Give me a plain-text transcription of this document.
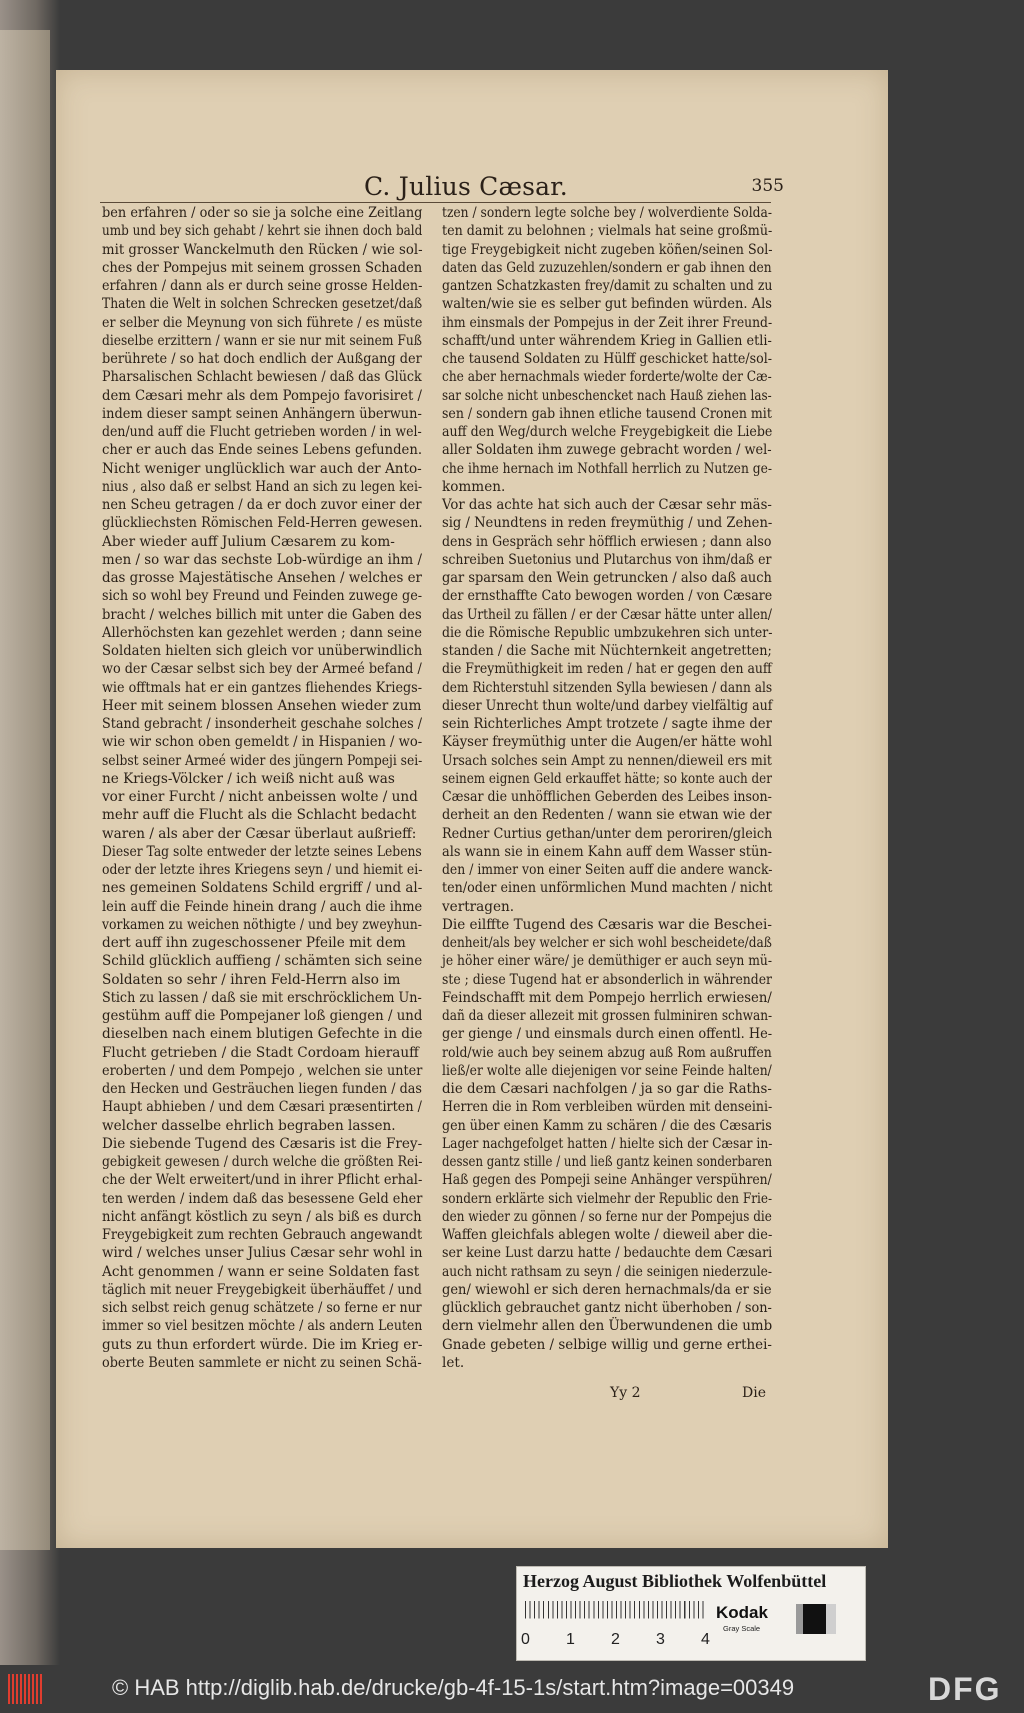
C. Julius Cæsar.	355
ben erfahren / oder so sie ja solche eine Zeitlang
umb und bey sich gehabt / kehrt sie ihnen doch bald
mit grosser Wanckelmuth den Rücken / wie sol-
ches der Pompejus mit seinem grossen Schaden
erfahren / dann als er durch seine grosse Helden-
Thaten die Welt in solchen Schrecken gesetzet/daß
er selber die Meynung von sich führete / es müste
dieselbe erzittern / wann er sie nur mit seinem Fuß
berührete / so hat doch endlich der Außgang der
Pharsalischen Schlacht bewiesen / daß das Glück
dem Cæsari mehr als dem Pompejo favorisiret /
indem dieser sampt seinen Anhängern überwun-
den/und auff die Flucht getrieben worden / in wel-
cher er auch das Ende seines Lebens gefunden.
Nicht weniger unglücklich war auch der Anto-
nius , also daß er selbst Hand an sich zu legen kei-
nen Scheu getragen / da er doch zuvor einer der
glückliechsten Römischen Feld-Herren gewesen.
Aber wieder auff Julium Cæsarem zu kom-
men / so war das sechste Lob-würdige an ihm /
das grosse Majestätische Ansehen / welches er
sich so wohl bey Freund und Feinden zuwege ge-
bracht / welches billich mit unter die Gaben des
Allerhöchsten kan gezehlet werden ; dann seine
Soldaten hielten sich gleich vor unüberwindlich
wo der Cæsar selbst sich bey der Armeé befand /
wie offtmals hat er ein gantzes fliehendes Kriegs-
Heer mit seinem blossen Ansehen wieder zum
Stand gebracht / insonderheit geschahe solches /
wie wir schon oben gemeldt / in Hispanien / wo-
selbst seiner Armeé wider des jüngern Pompeji sei-
ne Kriegs-Völcker / ich weiß nicht auß was
vor einer Furcht / nicht anbeissen wolte / und
mehr auff die Flucht als die Schlacht bedacht
waren / als aber der Cæsar überlaut außrieff:
Dieser Tag solte entweder der letzte seines Lebens
oder der letzte ihres Kriegens seyn / und hiemit ei-
nes gemeinen Soldatens Schild ergriff / und al-
lein auff die Feinde hinein drang / auch die ihme
vorkamen zu weichen nöthigte / und bey zweyhun-
dert auff ihn zugeschossener Pfeile mit dem
Schild glücklich auffieng / schämten sich seine
Soldaten so sehr / ihren Feld-Herrn also im
Stich zu lassen / daß sie mit erschröcklichem Un-
gestühm auff die Pompejaner loß giengen / und
dieselben nach einem blutigen Gefechte in die
Flucht getrieben / die Stadt Cordoam hierauff
eroberten / und dem Pompejo , welchen sie unter
den Hecken und Gesträuchen liegen funden / das
Haupt abhieben / und dem Cæsari præsentirten /
welcher dasselbe ehrlich begraben lassen.
Die siebende Tugend des Cæsaris ist die Frey-
gebigkeit gewesen / durch welche die größten Rei-
che der Welt erweitert/und in ihrer Pflicht erhal-
ten werden / indem daß das besessene Geld eher
nicht anfängt köstlich zu seyn / als biß es durch
Freygebigkeit zum rechten Gebrauch angewandt
wird / welches unser Julius Cæsar sehr wohl in
Acht genommen / wann er seine Soldaten fast
täglich mit neuer Freygebigkeit überhäuffet / und
sich selbst reich genug schätzete / so ferne er nur
immer so viel besitzen möchte / als andern Leuten
guts zu thun erfordert würde. Die im Krieg er-
oberte Beuten sammlete er nicht zu seinen Schä-
tzen / sondern legte solche bey / wolverdiente Solda-
ten damit zu belohnen ; vielmals hat seine großmü-
tige Freygebigkeit nicht zugeben köñen/seinen Sol-
daten das Geld zuzuzehlen/sondern er gab ihnen den
gantzen Schatzkasten frey/damit zu schalten und zu
walten/wie sie es selber gut befinden würden. Als
ihm einsmals der Pompejus in der Zeit ihrer Freund-
schafft/und unter währendem Krieg in Gallien etli-
che tausend Soldaten zu Hülff geschicket hatte/sol-
che aber hernachmals wieder forderte/wolte der Cæ-
sar solche nicht unbeschencket nach Hauß ziehen las-
sen / sondern gab ihnen etliche tausend Cronen mit
auff den Weg/durch welche Freygebigkeit die Liebe
aller Soldaten ihm zuwege gebracht worden / wel-
che ihme hernach im Nothfall herrlich zu Nutzen ge-
kommen.
Vor das achte hat sich auch der Cæsar sehr mäs-
sig / Neundtens in reden freymüthig / und Zehen-
dens in Gespräch sehr höfflich erwiesen ; dann also
schreiben Suetonius und Plutarchus von ihm/daß er
gar sparsam den Wein getruncken / also daß auch
der ernsthaffte Cato bewogen worden / von Cæsare
das Urtheil zu fällen / er der Cæsar hätte unter allen/
die die Römische Republic umbzukehren sich unter-
standen / die Sache mit Nüchternkeit angetretten;
die Freymüthigkeit im reden / hat er gegen den auff
dem Richterstuhl sitzenden Sylla bewiesen / dann als
dieser Unrecht thun wolte/und darbey vielfältig auf
sein Richterliches Ampt trotzete / sagte ihme der
Käyser freymüthig unter die Augen/er hätte wohl
Ursach solches sein Ampt zu nennen/dieweil ers mit
seinem eignen Geld erkauffet hätte; so konte auch der
Cæsar die unhöfflichen Geberden des Leibes inson-
derheit an den Redenten / wann sie etwan wie der
Redner Curtius gethan/unter dem peroriren/gleich
als wann sie in einem Kahn auff dem Wasser stün-
den / immer von einer Seiten auff die andere wanck-
ten/oder einen unförmlichen Mund machten / nicht
vertragen.
Die eilffte Tugend des Cæsaris war die Beschei-
denheit/als bey welcher er sich wohl bescheidete/daß
je höher einer wäre/ je demüthiger er auch seyn mü-
ste ; diese Tugend hat er absonderlich in währender
Feindschafft mit dem Pompejo herrlich erwiesen/
dañ da dieser allezeit mit grossen fulminiren schwan-
ger gienge / und einsmals durch einen offentl. He-
rold/wie auch bey seinem abzug auß Rom außruffen
ließ/er wolte alle diejenigen vor seine Feinde halten/
die dem Cæsari nachfolgen / ja so gar die Raths-
Herren die in Rom verbleiben würden mit denseini-
gen über einen Kamm zu schären / die des Cæsaris
Lager nachgefolget hatten / hielte sich der Cæsar in-
dessen gantz stille / und ließ gantz keinen sonderbaren
Haß gegen des Pompeji seine Anhänger verspühren/
sondern erklärte sich vielmehr der Republic den Frie-
den wieder zu gönnen / so ferne nur der Pompejus die
Waffen gleichfals ablegen wolte / dieweil aber die-
ser keine Lust darzu hatte / bedauchte dem Cæsari
auch nicht rathsam zu seyn / die seinigen niederzule-
gen/ wiewohl er sich deren hernachmals/da er sie
glücklich gebrauchet gantz nicht überhoben / son-
dern vielmehr allen den Überwundenen die umb
Gnade gebeten / selbige willig und gerne erthei-
let.
Yy 2	Die
Herzog August Bibliothek Wolfenbüttel
0 1 2 3 4
Kodak
Gray Scale
© HAB http://diglib.hab.de/drucke/gb-4f-15-1s/start.htm?image=00349	DFG
